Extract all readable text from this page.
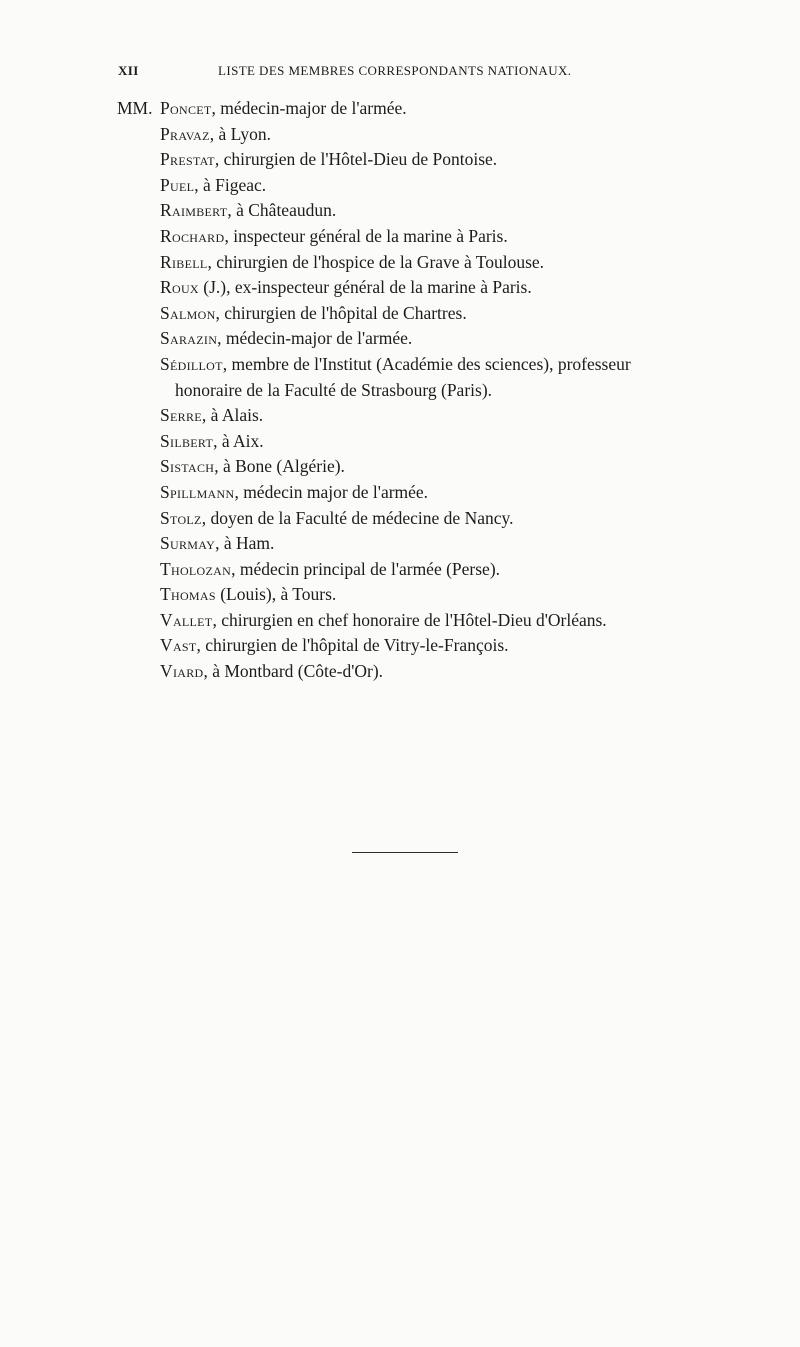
XII	LISTE DES MEMBRES CORRESPONDANTS NATIONAUX.
MM. Poncet, médecin-major de l'armée.
Pravaz, à Lyon.
Prestat, chirurgien de l'Hôtel-Dieu de Pontoise.
Puel, à Figeac.
Raimbert, à Châteaudun.
Rochard, inspecteur général de la marine à Paris.
Ribell, chirurgien de l'hospice de la Grave à Toulouse.
Roux (J.), ex-inspecteur général de la marine à Paris.
Salmon, chirurgien de l'hôpital de Chartres.
Sarazin, médecin-major de l'armée.
Sédillot, membre de l'Institut (Académie des sciences), professeur
honoraire de la Faculté de Strasbourg (Paris).
Serre, à Alais.
Silbert, à Aix.
Sistach, à Bone (Algérie).
Spillmann, médecin major de l'armée.
Stolz, doyen de la Faculté de médecine de Nancy.
Surmay, à Ham.
Tholozan, médecin principal de l'armée (Perse).
Thomas (Louis), à Tours.
Vallet, chirurgien en chef honoraire de l'Hôtel-Dieu d'Orléans.
Vast, chirurgien de l'hôpital de Vitry-le-François.
Viard, à Montbard (Côte-d'Or).
